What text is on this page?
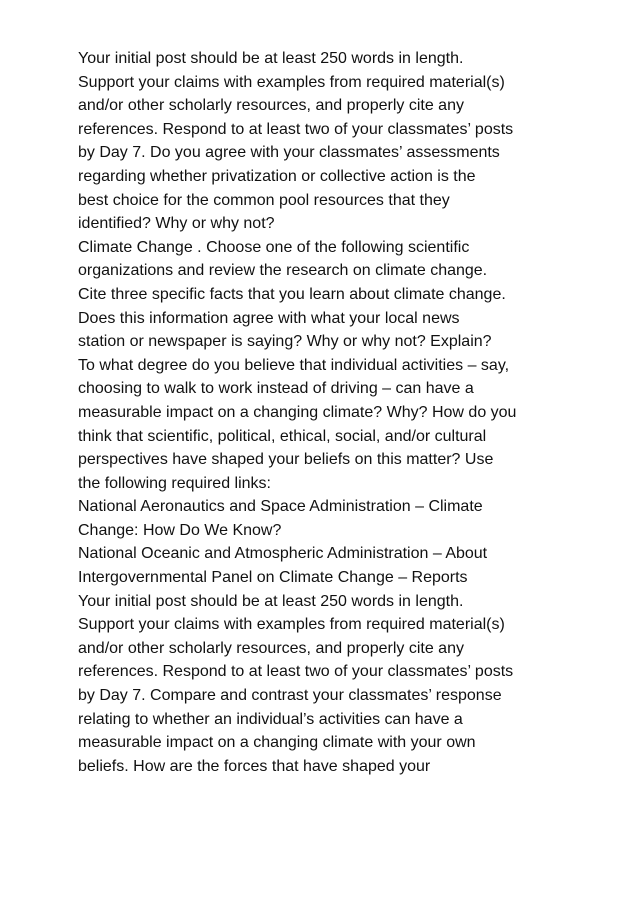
Your initial post should be at least 250 words in length.
Support your claims with examples from required material(s)
and/or other scholarly resources, and properly cite any
references. Respond to at least two of your classmates’ posts
by Day 7. Do you agree with your classmates’ assessments
regarding whether privatization or collective action is the
best choice for the common pool resources that they
identified? Why or why not?
Climate Change . Choose one of the following scientific
organizations and review the research on climate change.
Cite three specific facts that you learn about climate change.
Does this information agree with what your local news
station or newspaper is saying? Why or why not? Explain?
To what degree do you believe that individual activities – say,
choosing to walk to work instead of driving – can have a
measurable impact on a changing climate? Why? How do you
think that scientific, political, ethical, social, and/or cultural
perspectives have shaped your beliefs on this matter? Use
the following required links:
National Aeronautics and Space Administration – Climate
Change: How Do We Know?
National Oceanic and Atmospheric Administration – About
Intergovernmental Panel on Climate Change – Reports
Your initial post should be at least 250 words in length.
Support your claims with examples from required material(s)
and/or other scholarly resources, and properly cite any
references. Respond to at least two of your classmates’ posts
by Day 7. Compare and contrast your classmates’ response
relating to whether an individual’s activities can have a
measurable impact on a changing climate with your own
beliefs. How are the forces that have shaped your
